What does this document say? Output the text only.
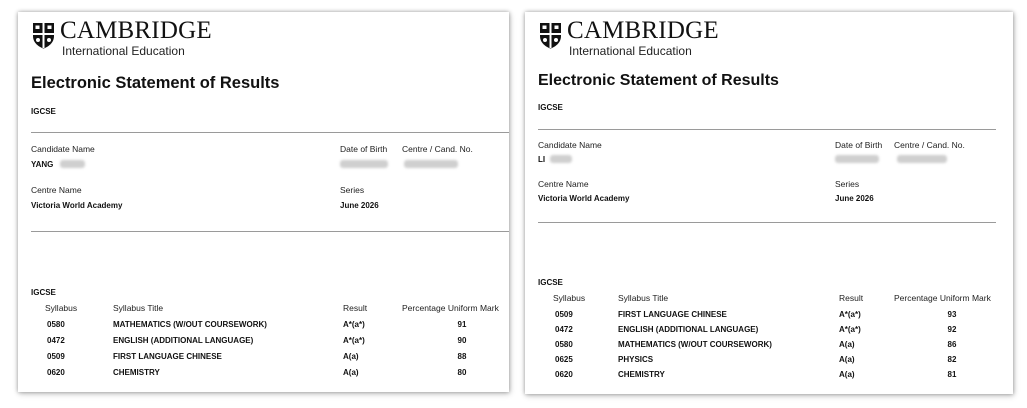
CAMBRIDGE
International Education
Electronic Statement of Results
IGCSE
Candidate Name	Date of Birth Centre / Cand. No.
YANG
Centre Name	Series
Victoria World Academy	June 2026
IGCSE
Syllabus	Syllabus Title	Result	Percentage Uniform Mark
0580	MATHEMATICS (W/OUT COURSEWORK)	A*(a*)	91
0472	ENGLISH (ADDITIONAL LANGUAGE)	A*(a*)	90
0509	FIRST LANGUAGE CHINESE	A(a)	88
0620	CHEMISTRY	A(a)	80
CAMBRIDGE
International Education
Electronic Statement of Results
IGCSE
Candidate Name	Date of Birth Centre / Cand. No.
LI
Centre Name	Series
Victoria World Academy	June 2026
IGCSE
Syllabus	Syllabus Title	Result	Percentage Uniform Mark
0509	FIRST LANGUAGE CHINESE	A*(a*)	93
0472	ENGLISH (ADDITIONAL LANGUAGE)	A*(a*)	92
0580	MATHEMATICS (W/OUT COURSEWORK)	A(a)	86
0625	PHYSICS	A(a)	82
0620	CHEMISTRY	A(a)	81
